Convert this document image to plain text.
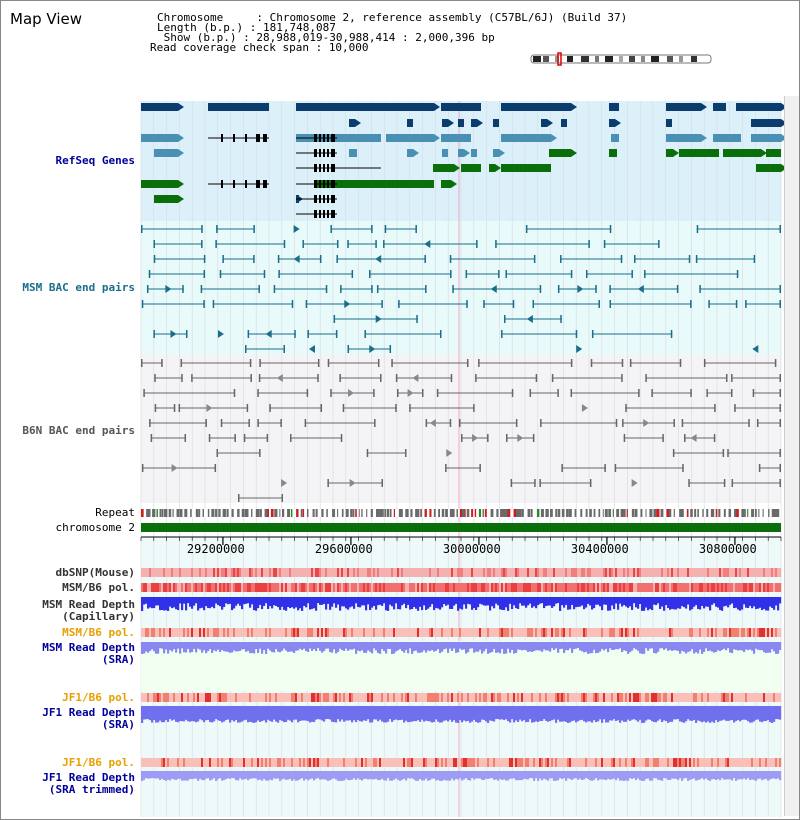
Map View	Chromosome     : Chromosome 2, reference assembly (C57BL/6J) (Build 37)
Length (b.p.) : 181,748,087
Show (b.p.) : 28,988,019-30,988,414 : 2,000,396 bp
Read coverage check span : 10,000
29200000	29600000	30000000	30400000	30800000
RefSeq Genes
MSM BAC end pairs
B6N BAC end pairs
Repeat
chromosome 2
dbSNP(Mouse)
MSM/B6 pol.
MSM Read Depth
(Capillary)
MSM/B6 pol.
MSM Read Depth
(SRA)
JF1/B6 pol.
JF1 Read Depth
(SRA)
JF1/B6 pol.
JF1 Read Depth
(SRA trimmed)
